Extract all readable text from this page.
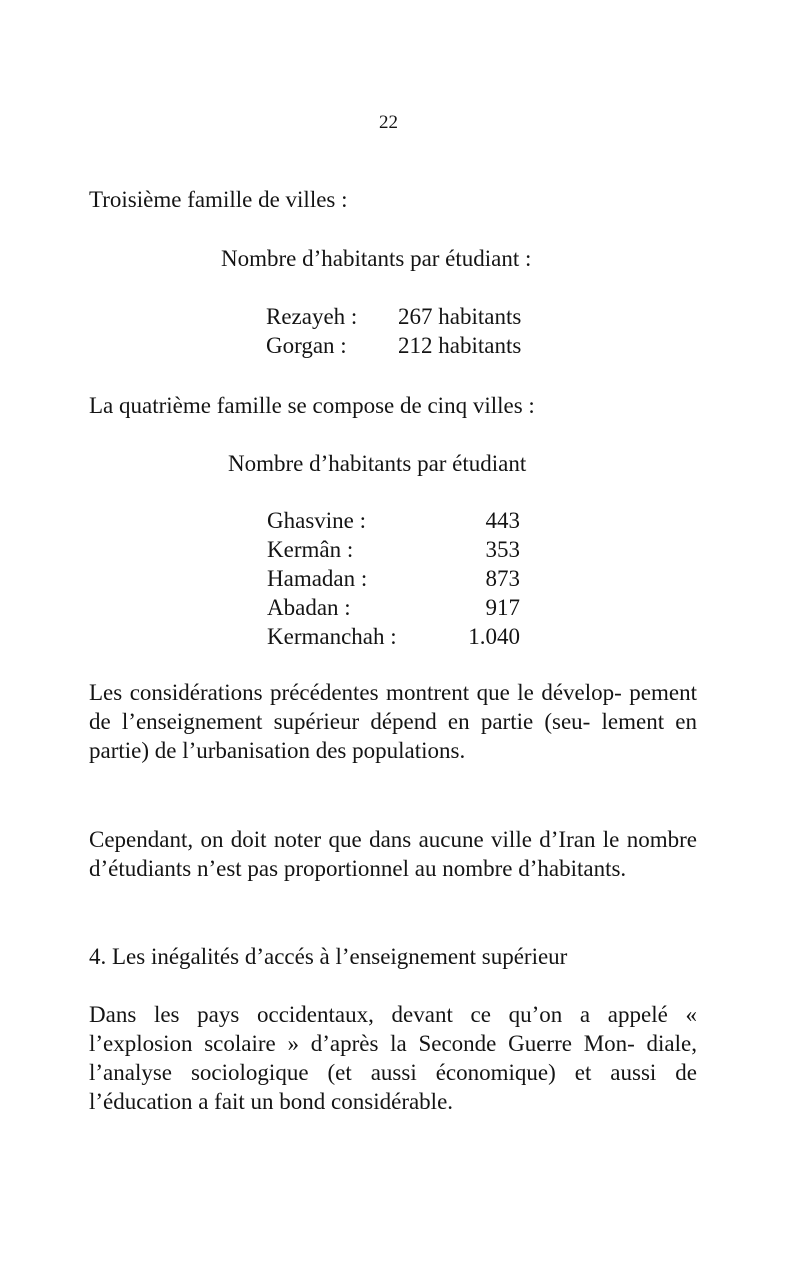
22
Troisième famille de villes :
Nombre d’habitants par étudiant :
Rezayeh : 267 habitants
Gorgan : 212 habitants
La quatrième famille se compose de cinq villes :
Nombre d’habitants par étudiant
Ghasvine :	443
Kermân :	353
Hamadan :	873
Abadan :	917
Kermanchah :	1.040
Les considérations précédentes montrent que le dévelop- pement de l’enseignement supérieur dépend en partie (seu- lement en partie) de l’urbanisation des populations.
Cependant, on doit noter que dans aucune ville d’Iran le nombre d’étudiants n’est pas proportionnel au nombre d’habitants.
4. Les inégalités d’accés à l’enseignement supérieur
Dans les pays occidentaux, devant ce qu’on a appelé « l’explosion scolaire » d’après la Seconde Guerre Mon- diale, l’analyse sociologique (et aussi économique) et aussi de l’éducation a fait un bond considérable.
